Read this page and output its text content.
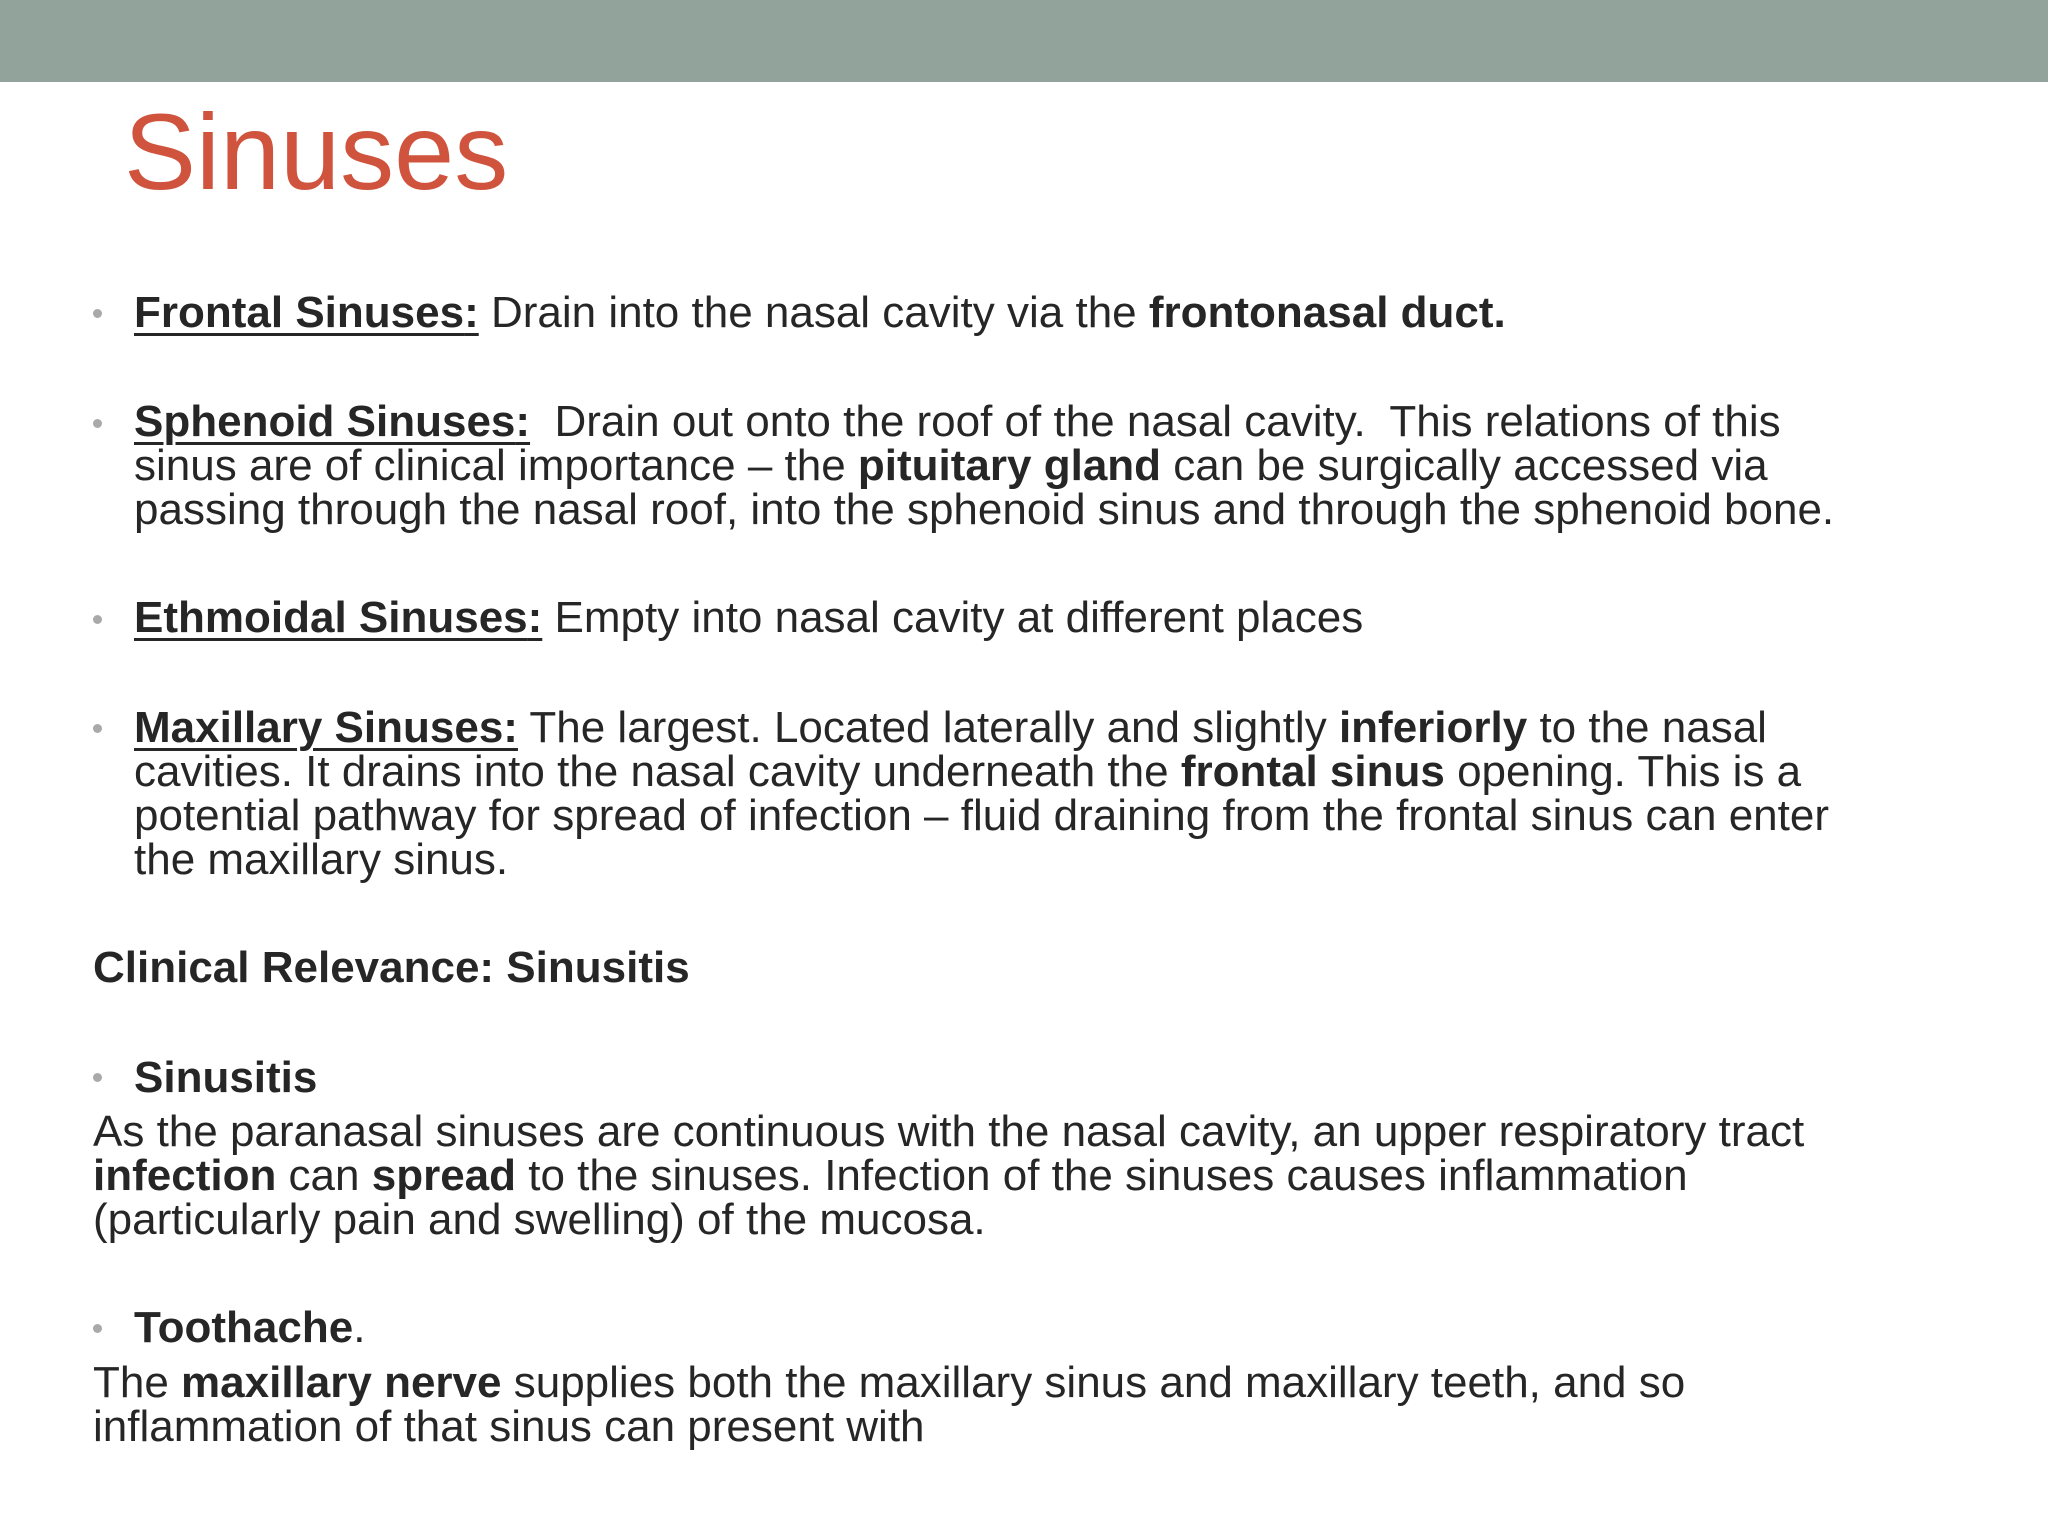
Sinuses
Frontal Sinuses: Drain into the nasal cavity via the frontonasal duct.
Sphenoid Sinuses:  Drain out onto the roof of the nasal cavity.  This relations of this
sinus are of clinical importance – the pituitary gland can be surgically accessed via
passing through the nasal roof, into the sphenoid sinus and through the sphenoid bone.
Ethmoidal Sinuses: Empty into nasal cavity at different places
Maxillary Sinuses: The largest. Located laterally and slightly inferiorly to the nasal
cavities. It drains into the nasal cavity underneath the frontal sinus opening. This is a
potential pathway for spread of infection – fluid draining from the frontal sinus can enter
the maxillary sinus.
Clinical Relevance: Sinusitis
Sinusitis
As the paranasal sinuses are continuous with the nasal cavity, an upper respiratory tract
infection can spread to the sinuses. Infection of the sinuses causes inflammation
(particularly pain and swelling) of the mucosa.
Toothache.
The maxillary nerve supplies both the maxillary sinus and maxillary teeth, and so
inflammation of that sinus can present with
